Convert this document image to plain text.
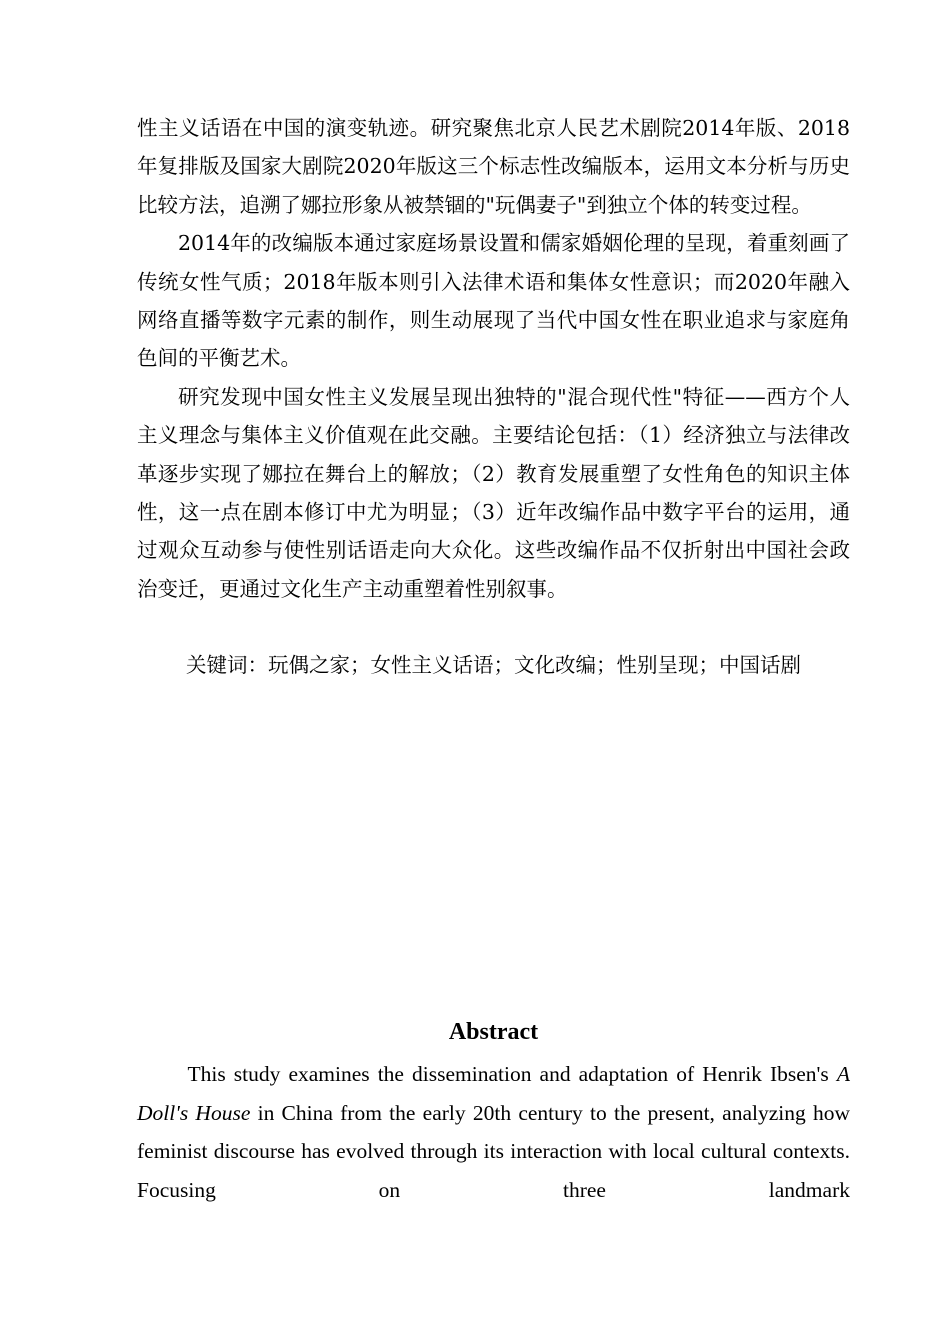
性主义话语在中国的演变轨迹。研究聚焦北京人民艺术剧院2014年版、2018年复排版及国家大剧院2020年版这三个标志性改编版本，运用文本分析与历史比较方法，追溯了娜拉形象从被禁锢的"玩偶妻子"到独立个体的转变过程。

2014年的改编版本通过家庭场景设置和儒家婚姻伦理的呈现，着重刻画了传统女性气质；2018年版本则引入法律术语和集体女性意识；而2020年融入网络直播等数字元素的制作，则生动展现了当代中国女性在职业追求与家庭角色间的平衡艺术。

研究发现中国女性主义发展呈现出独特的"混合现代性"特征——西方个人主义理念与集体主义价值观在此交融。主要结论包括：（1）经济独立与法律改革逐步实现了娜拉在舞台上的解放；（2）教育发展重塑了女性角色的知识主体性，这一点在剧本修订中尤为明显；（3）近年改编作品中数字平台的运用，通过观众互动参与使性别话语走向大众化。这些改编作品不仅折射出中国社会政治变迁，更通过文化生产主动重塑着性别叙事。

关键词：玩偶之家；女性主义话语；文化改编；性别呈现；中国话剧

Abstract

This study examines the dissemination and adaptation of Henrik Ibsen's A Doll's House in China from the early 20th century to the present, analyzing how feminist discourse has evolved through its interaction with local cultural contexts. Focusing on three landmark
